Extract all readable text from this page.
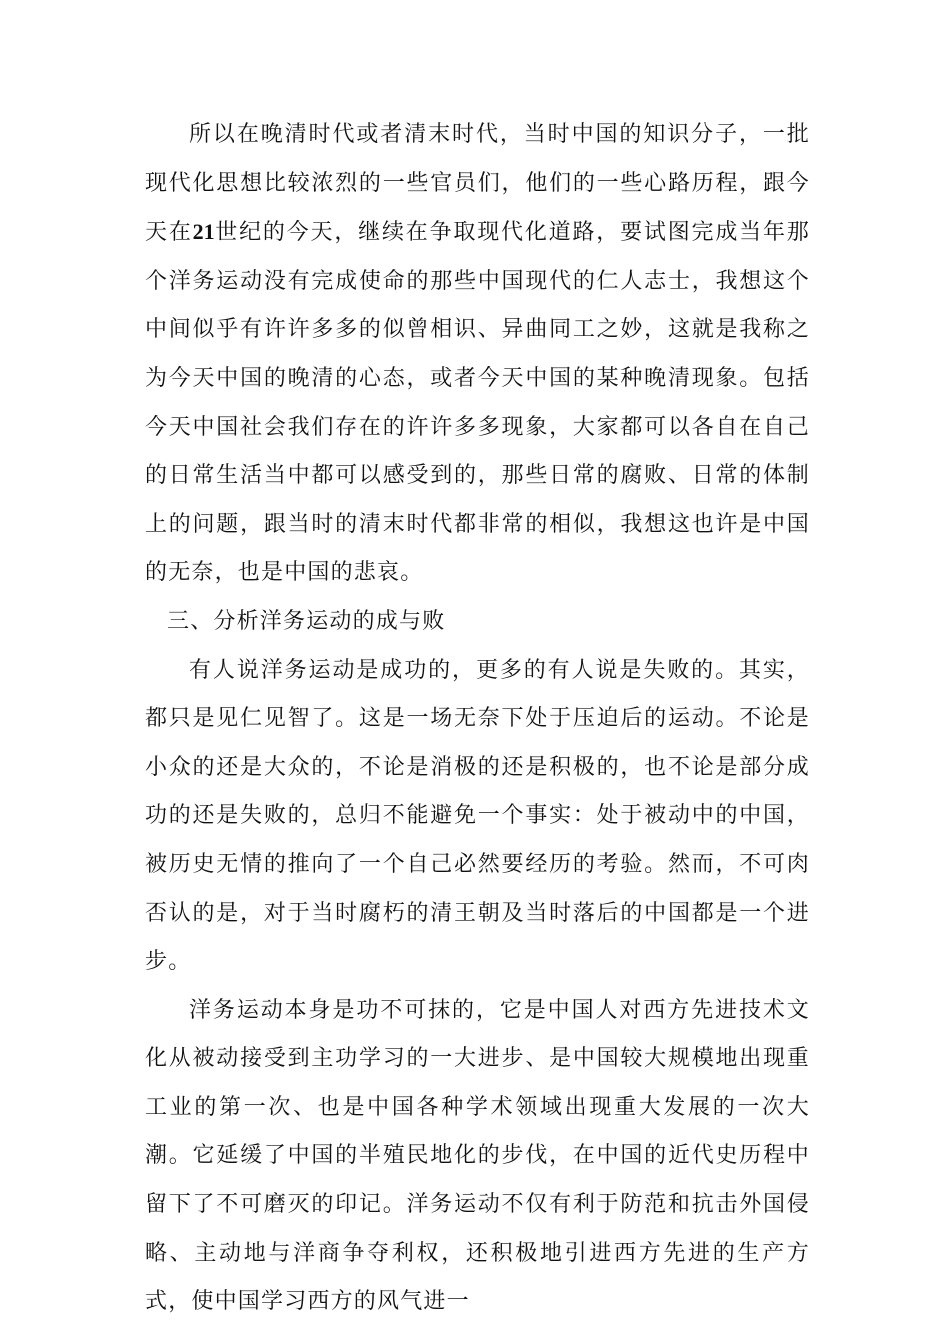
所以在晚清时代或者清末时代，当时中国的知识分子，一批现代化思想比较浓烈的一些官员们，他们的一些心路历程，跟今天在21世纪的今天，继续在争取现代化道路，要试图完成当年那个洋务运动没有完成使命的那些中国现代的仁人志士，我想这个中间似乎有许许多多的似曾相识、异曲同工之妙，这就是我称之为今天中国的晚清的心态，或者今天中国的某种晚清现象。包括今天中国社会我们存在的许许多多现象，大家都可以各自在自己的日常生活当中都可以感受到的，那些日常的腐败、日常的体制上的问题，跟当时的清末时代都非常的相似，我想这也许是中国的无奈，也是中国的悲哀。

三、分析洋务运动的成与败

有人说洋务运动是成功的，更多的有人说是失败的。其实，都只是见仁见智了。这是一场无奈下处于压迫后的运动。不论是小众的还是大众的，不论是消极的还是积极的，也不论是部分成功的还是失败的，总归不能避免一个事实：处于被动中的中国，被历史无情的推向了一个自己必然要经历的考验。然而，不可肉否认的是，对于当时腐朽的清王朝及当时落后的中国都是一个进步。

洋务运动本身是功不可抹的，它是中国人对西方先进技术文化从被动接受到主功学习的一大进步、是中国较大规模地出现重工业的第一次、也是中国各种学术领域出现重大发展的一次大潮。它延缓了中国的半殖民地化的步伐，在中国的近代史历程中留下了不可磨灭的印记。洋务运动不仅有利于防范和抗击外国侵略、主动地与洋商争夺利权，还积极地引进西方先进的生产方式，使中国学习西方的风气进一
